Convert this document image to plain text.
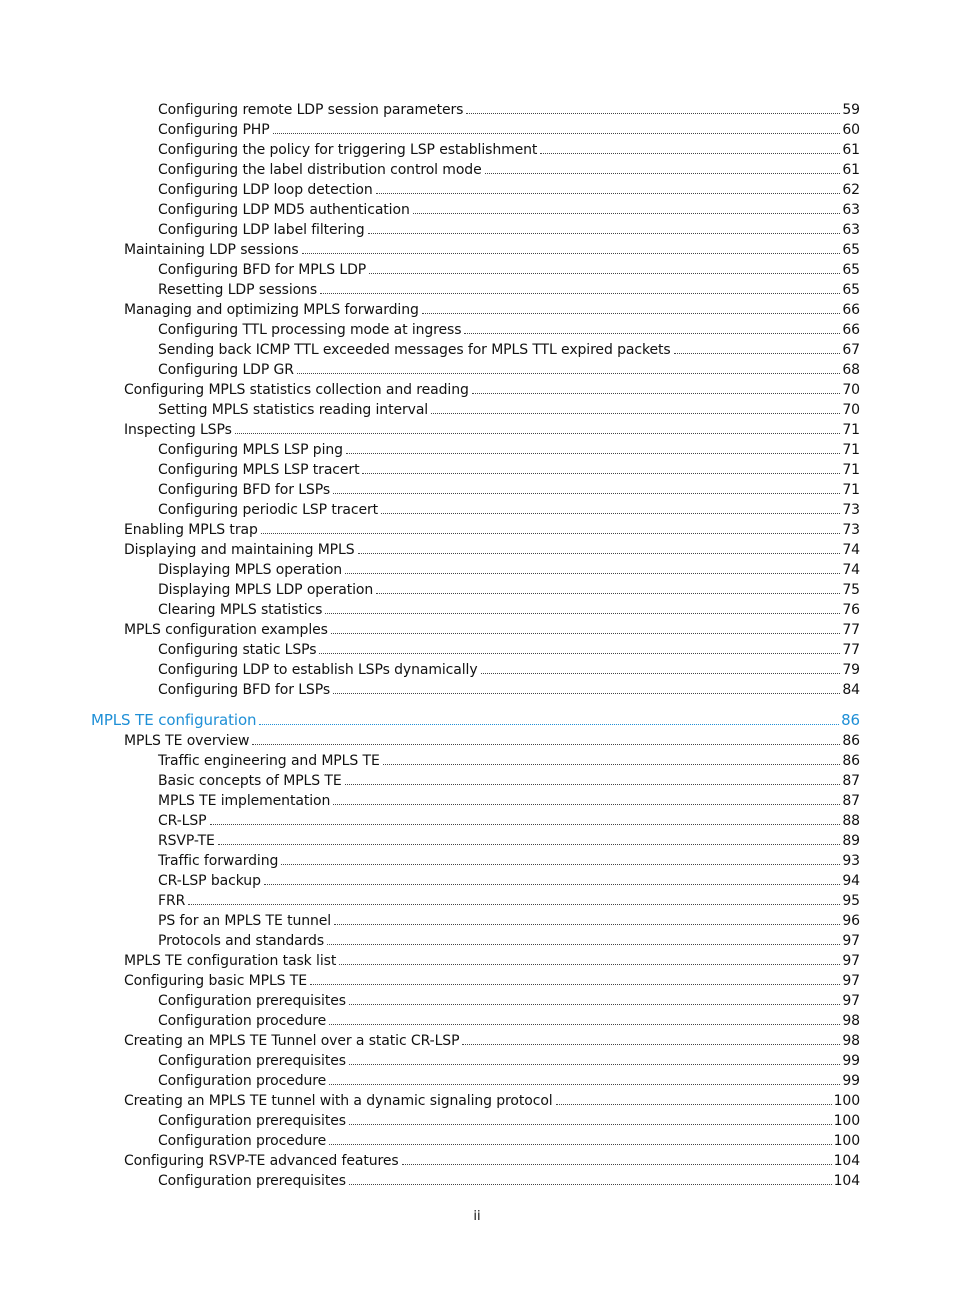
Configuring remote LDP session parameters	59
Configuring PHP	60
Configuring the policy for triggering LSP establishment	61
Configuring the label distribution control mode	61
Configuring LDP loop detection	62
Configuring LDP MD5 authentication	63
Configuring LDP label filtering	63
Maintaining LDP sessions	65
Configuring BFD for MPLS LDP	65
Resetting LDP sessions	65
Managing and optimizing MPLS forwarding	66
Configuring TTL processing mode at ingress	66
Sending back ICMP TTL exceeded messages for MPLS TTL expired packets	67
Configuring LDP GR	68
Configuring MPLS statistics collection and reading	70
Setting MPLS statistics reading interval	70
Inspecting LSPs	71
Configuring MPLS LSP ping	71
Configuring MPLS LSP tracert	71
Configuring BFD for LSPs	71
Configuring periodic LSP tracert	73
Enabling MPLS trap	73
Displaying and maintaining MPLS	74
Displaying MPLS operation	74
Displaying MPLS LDP operation	75
Clearing MPLS statistics	76
MPLS configuration examples	77
Configuring static LSPs	77
Configuring LDP to establish LSPs dynamically	79
Configuring BFD for LSPs	84
MPLS TE configuration	86
MPLS TE overview	86
Traffic engineering and MPLS TE	86
Basic concepts of MPLS TE	87
MPLS TE implementation	87
CR-LSP	88
RSVP-TE	89
Traffic forwarding	93
CR-LSP backup	94
FRR	95
PS for an MPLS TE tunnel	96
Protocols and standards	97
MPLS TE configuration task list	97
Configuring basic MPLS TE	97
Configuration prerequisites	97
Configuration procedure	98
Creating an MPLS TE Tunnel over a static CR-LSP	98
Configuration prerequisites	99
Configuration procedure	99
Creating an MPLS TE tunnel with a dynamic signaling protocol	100
Configuration prerequisites	100
Configuration procedure	100
Configuring RSVP-TE advanced features	104
Configuration prerequisites	104
ii
